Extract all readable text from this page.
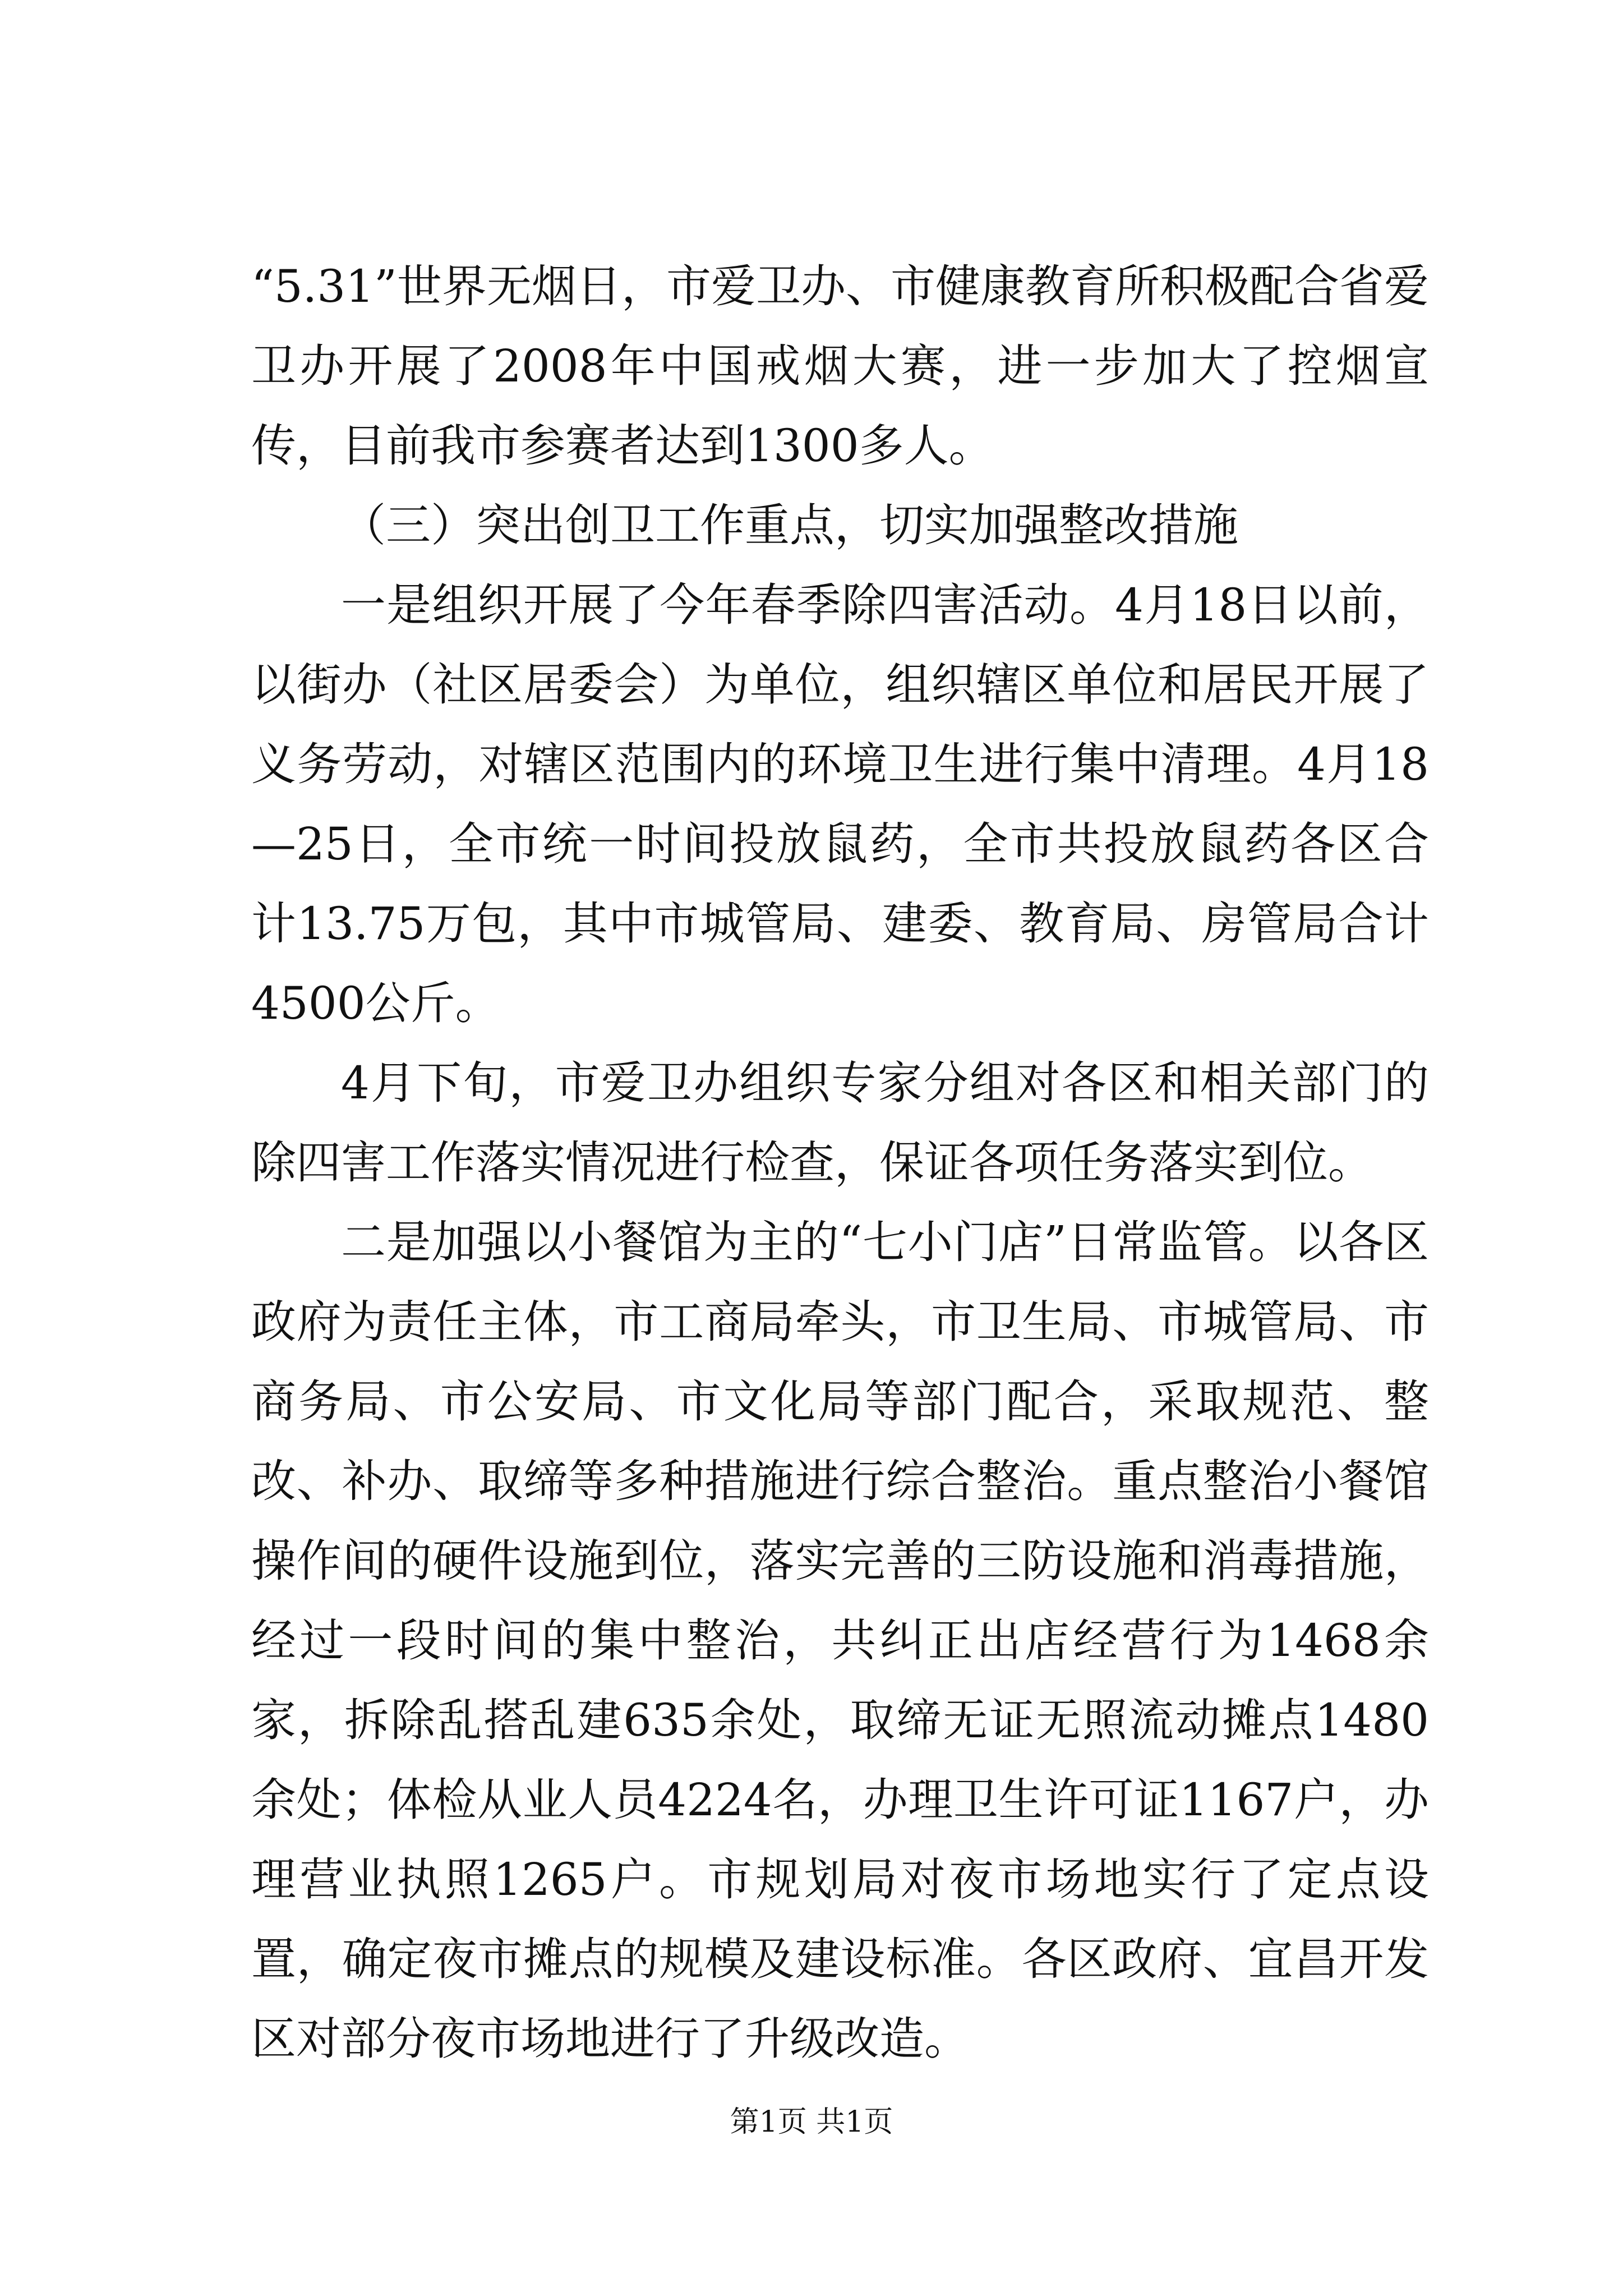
“5.31”世界无烟日，市爱卫办、市健康教育所积极配合省爱卫办开展了2008年中国戒烟大赛，进一步加大了控烟宣传，目前我市参赛者达到1300多人。

（三）突出创卫工作重点，切实加强整改措施

一是组织开展了今年春季除四害活动。4月18日以前，以街办（社区居委会）为单位，组织辖区单位和居民开展了义务劳动，对辖区范围内的环境卫生进行集中清理。4月18—25日，全市统一时间投放鼠药，全市共投放鼠药各区合计13.75万包，其中市城管局、建委、教育局、房管局合计4500公斤。

4月下旬，市爱卫办组织专家分组对各区和相关部门的除四害工作落实情况进行检查，保证各项任务落实到位。

二是加强以小餐馆为主的“七小门店”日常监管。以各区政府为责任主体，市工商局牵头，市卫生局、市城管局、市商务局、市公安局、市文化局等部门配合，采取规范、整改、补办、取缔等多种措施进行综合整治。重点整治小餐馆操作间的硬件设施到位，落实完善的三防设施和消毒措施，经过一段时间的集中整治，共纠正出店经营行为1468余家，拆除乱搭乱建635余处，取缔无证无照流动摊点1480余处；体检从业人员4224名，办理卫生许可证1167户，办理营业执照1265户。市规划局对夜市场地实行了定点设置，确定夜市摊点的规模及建设标准。各区政府、宜昌开发区对部分夜市场地进行了升级改造。

第1页 共1页
